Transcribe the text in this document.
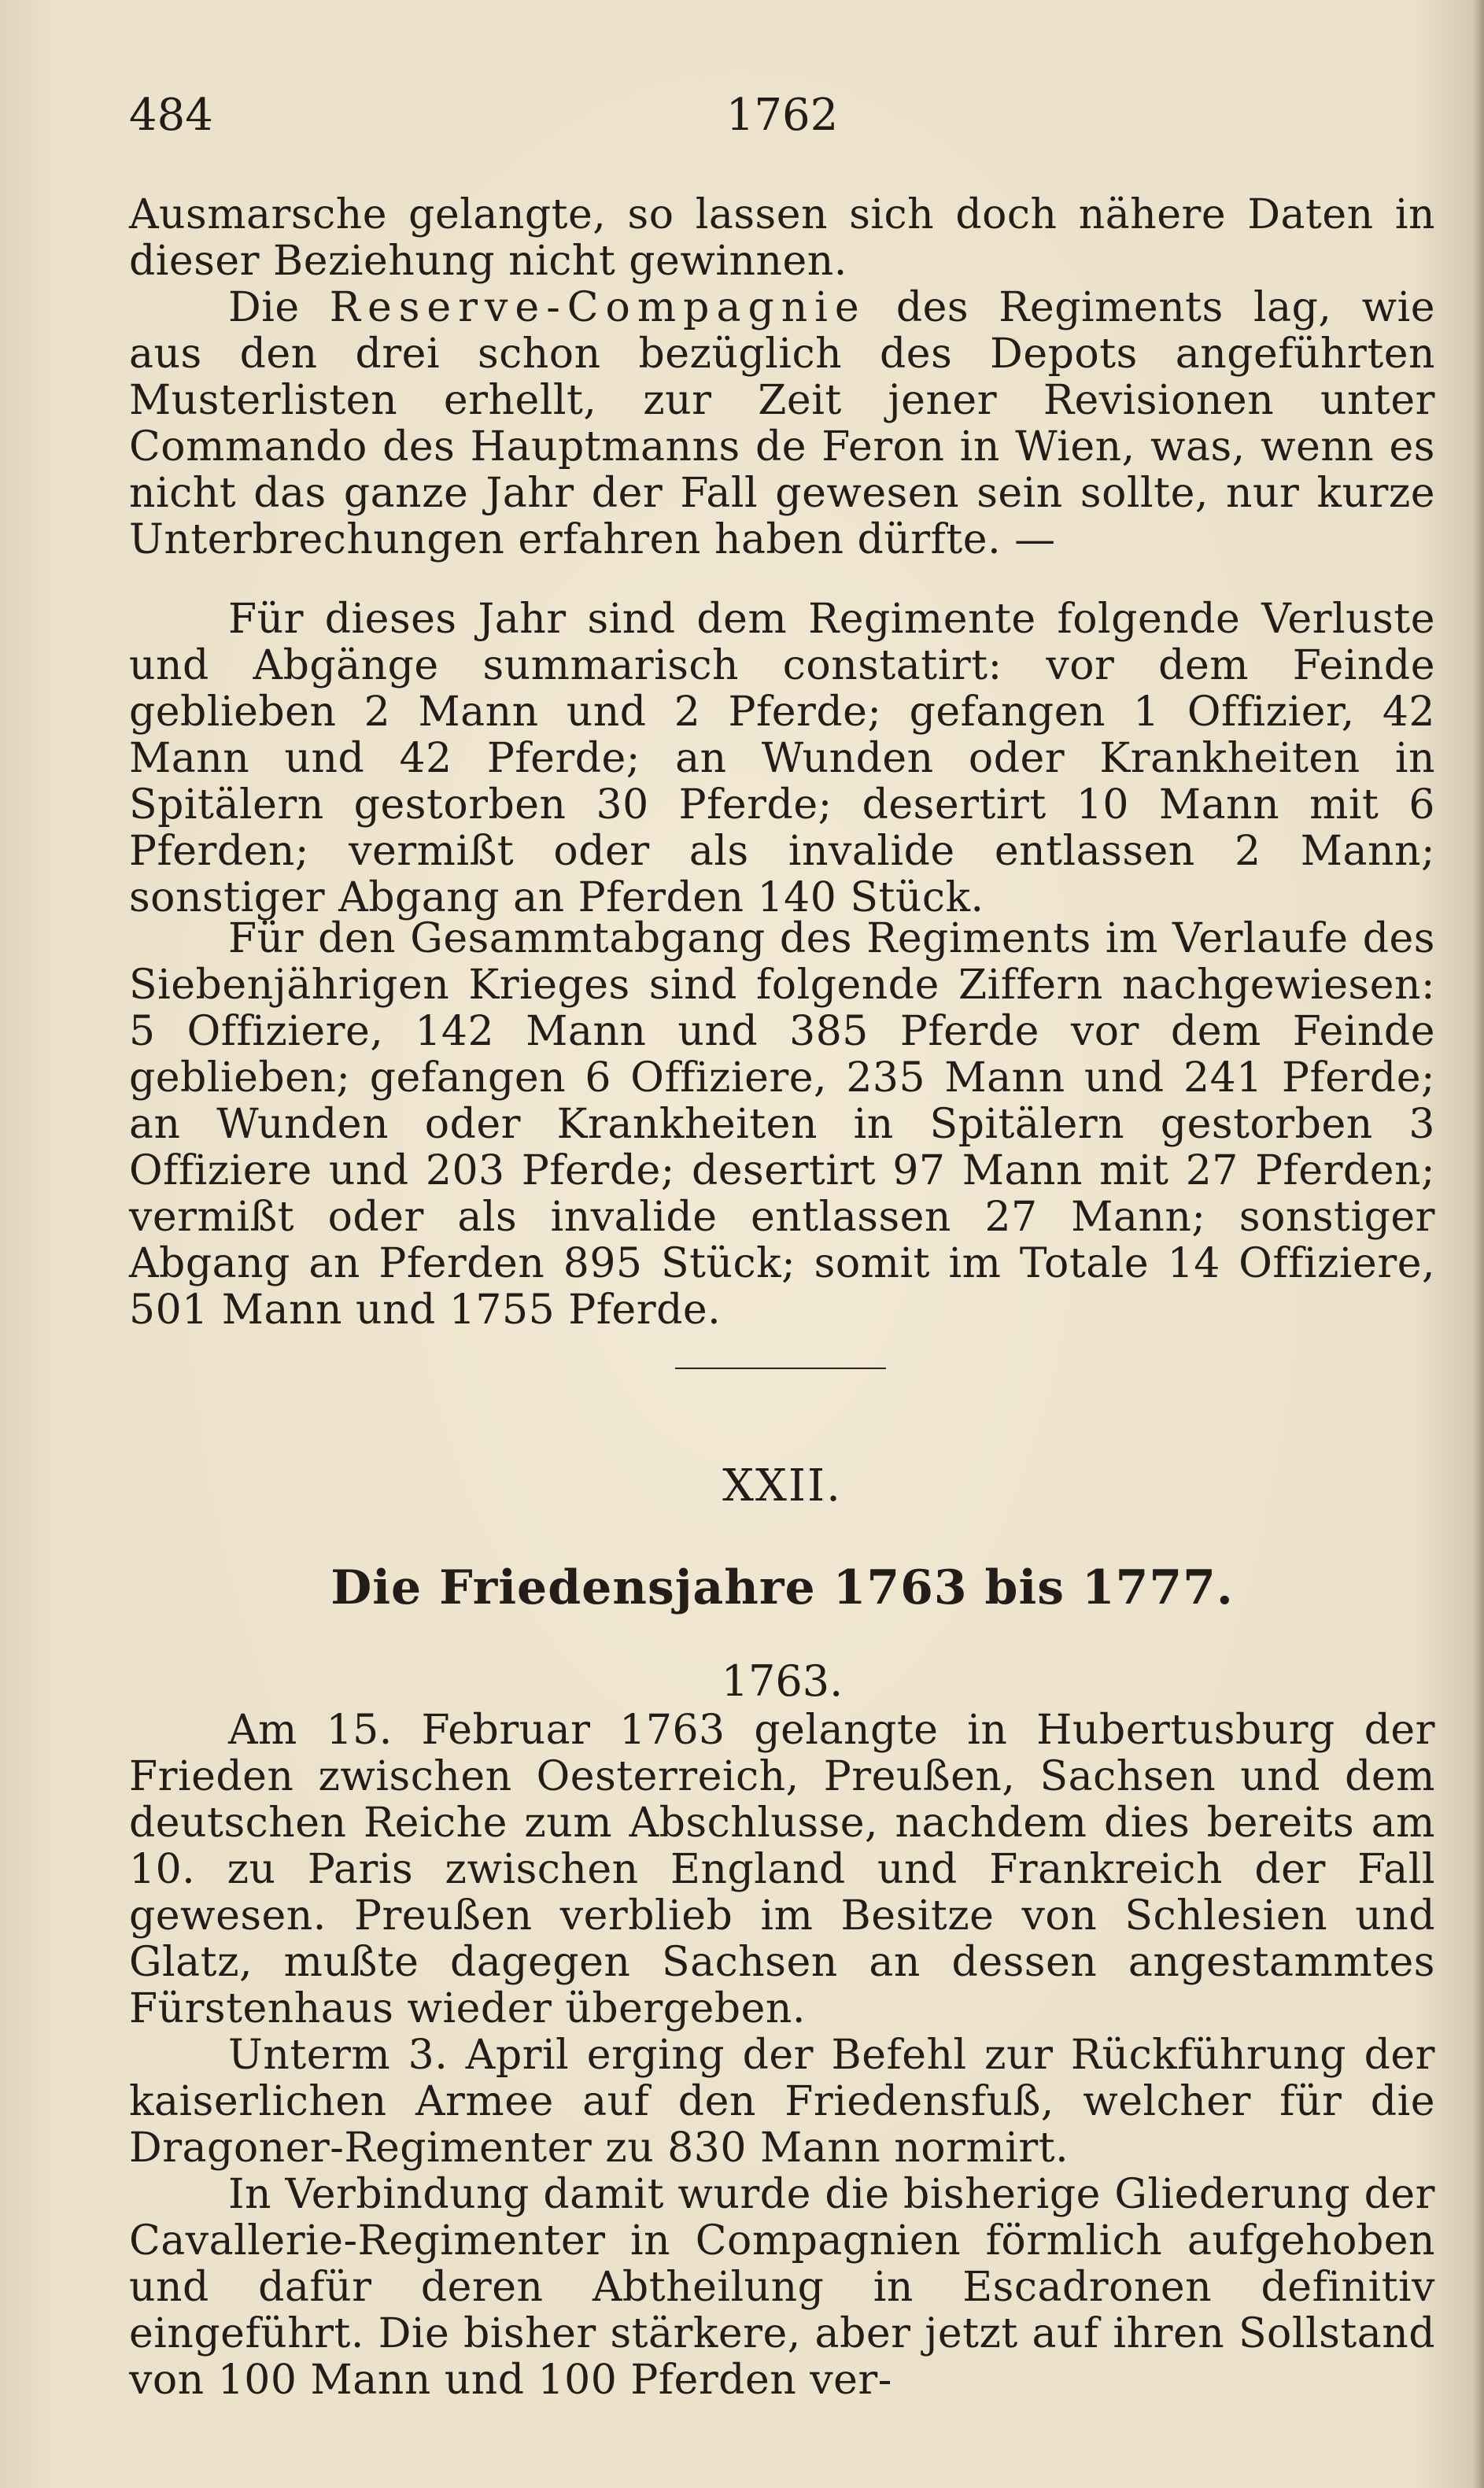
484	1762

Ausmarsche gelangte, so lassen sich doch nähere Daten in dieser Beziehung nicht gewinnen.

Die Reserve-Compagnie des Regiments lag, wie aus den drei schon bezüglich des Depots angeführten Musterlisten erhellt, zur Zeit jener Revisionen unter Commando des Hauptmanns de Feron in Wien, was, wenn es nicht das ganze Jahr der Fall gewesen sein sollte, nur kurze Unterbrechungen erfahren haben dürfte. —

Für dieses Jahr sind dem Regimente folgende Verluste und Abgänge summarisch constatirt: vor dem Feinde geblieben 2 Mann und 2 Pferde; gefangen 1 Offizier, 42 Mann und 42 Pferde; an Wunden oder Krankheiten in Spitälern gestorben 30 Pferde; desertirt 10 Mann mit 6 Pferden; vermißt oder als invalide entlassen 2 Mann; sonstiger Abgang an Pferden 140 Stück.

Für den Gesammtabgang des Regiments im Verlaufe des Siebenjährigen Krieges sind folgende Ziffern nachgewiesen: 5 Offiziere, 142 Mann und 385 Pferde vor dem Feinde geblieben; gefangen 6 Offiziere, 235 Mann und 241 Pferde; an Wunden oder Krankheiten in Spitälern gestorben 3 Offiziere und 203 Pferde; desertirt 97 Mann mit 27 Pferden; vermißt oder als invalide entlassen 27 Mann; sonstiger Abgang an Pferden 895 Stück; somit im Totale 14 Offiziere, 501 Mann und 1755 Pferde.

XXII.
Die Friedensjahre 1763 bis 1777.
1763.

Am 15. Februar 1763 gelangte in Hubertusburg der Frieden zwischen Oesterreich, Preußen, Sachsen und dem deutschen Reiche zum Abschlusse, nachdem dies bereits am 10. zu Paris zwischen England und Frankreich der Fall gewesen. Preußen verblieb im Besitze von Schlesien und Glatz, mußte dagegen Sachsen an dessen angestammtes Fürstenhaus wieder übergeben.

Unterm 3. April erging der Befehl zur Rückführung der kaiserlichen Armee auf den Friedensfuß, welcher für die Dragoner-Regimenter zu 830 Mann normirt.

In Verbindung damit wurde die bisherige Gliederung der Cavallerie-Regimenter in Compagnien förmlich aufgehoben und dafür deren Abtheilung in Escadronen definitiv eingeführt. Die bisher stärkere, aber jetzt auf ihren Sollstand von 100 Mann und 100 Pferden ver-
